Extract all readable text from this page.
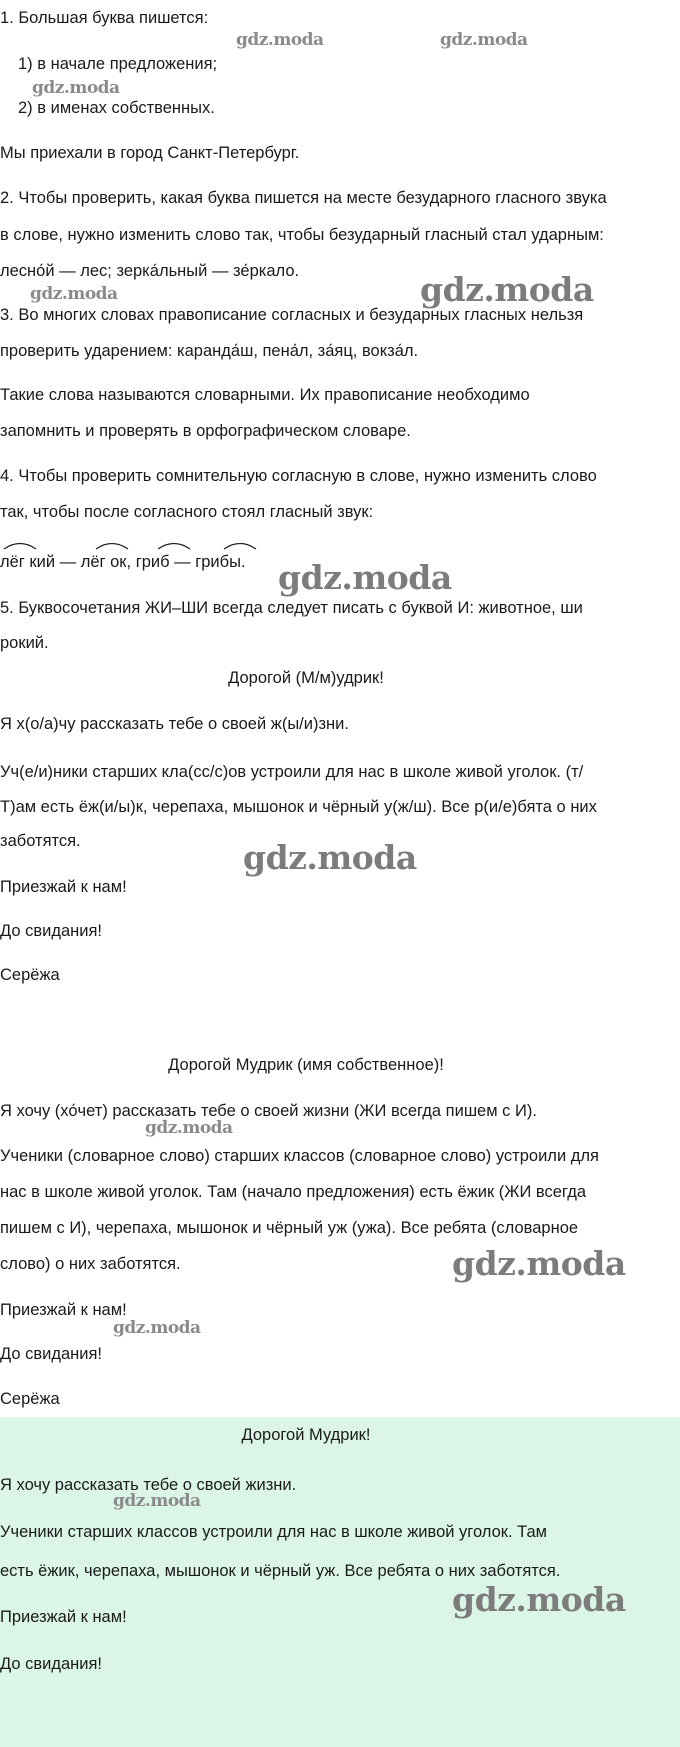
1. Большая буква пишется:
1) в начале предложения;
2) в именах собственных.
Мы приехали в город Санкт-Петербург.
2. Чтобы проверить, какая буква пишется на месте безударного гласного звука
в слове, нужно изменить слово так, чтобы безударный гласный стал ударным:
лесно́й — лес; зерка́льный — зе́ркало.
3. Во многих словах правописание согласных и безударных гласных нельзя
проверить ударением: каранда́ш, пена́л, за́яц, вокза́л.
Такие слова называются словарными. Их правописание необходимо
запомнить и проверять в орфографическом словаре.
4. Чтобы проверить сомнительную согласную в слове, нужно изменить слово
так, чтобы после согласного стоял гласный звук:
лёг кий — лёг ок, гриб — грибы.
5. Буквосочетания ЖИ–ШИ всегда следует писать с буквой И: животное, ши
рокий.
Дорогой (М/м)удрик!
Я х(о/а)чу рассказать тебе о своей ж(ы/и)зни.
Уч(е/и)ники старших кла(сс/с)ов устроили для нас в школе живой уголок. (т/
Т)ам есть ёж(и/ы)к, черепаха, мышонок и чёрный у(ж/ш). Все р(и/е)бята о них
заботятся.
Приезжай к нам!
До свидания!
Серёжа
Дорогой Мудрик (имя собственное)!
Я хочу (хо́чет) рассказать тебе о своей жизни (ЖИ всегда пишем с И).
Ученики (словарное слово) старших классов (словарное слово) устроили для
нас в школе живой уголок. Там (начало предложения) есть ёжик (ЖИ всегда
пишем с И), черепаха, мышонок и чёрный уж (ужа). Все ребята (словарное
слово) о них заботятся.
Приезжай к нам!
До свидания!
Серёжа
Дорогой Мудрик!
Я хочу рассказать тебе о своей жизни.
Ученики старших классов устроили для нас в школе живой уголок. Там
есть ёжик, черепаха, мышонок и чёрный уж. Все ребята о них заботятся.
Приезжай к нам!
До свидания!
gdz.moda	gdz.moda
gdz.moda
gdz.moda	gdz.moda
gdz.moda
gdz.moda
gdz.moda
gdz.moda
gdz.moda
gdz.moda
gdz.moda
